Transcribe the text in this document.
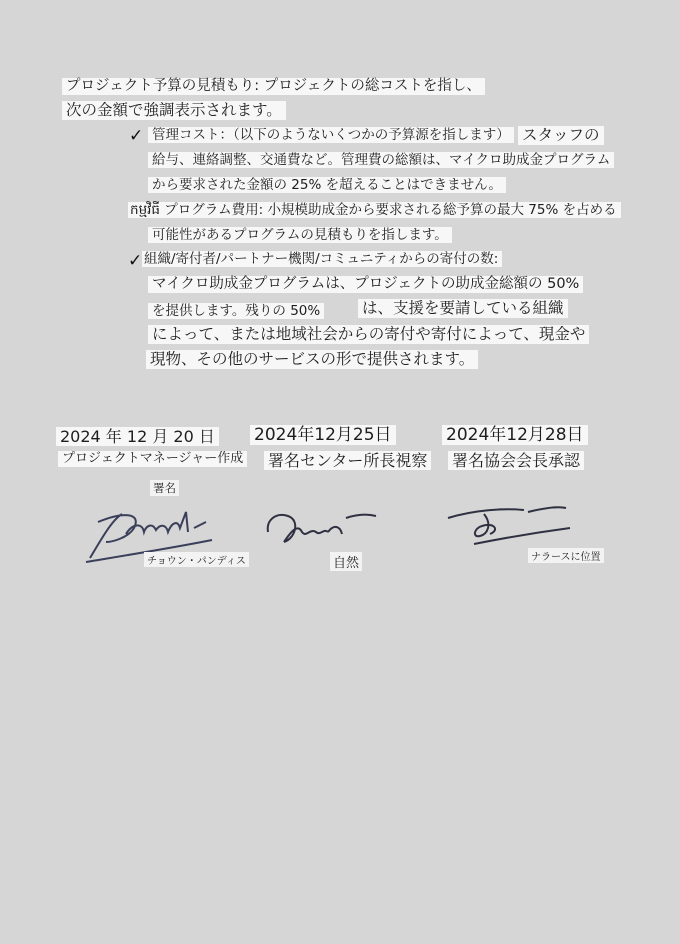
プロジェクト予算の見積もり: プロジェクトの総コストを指し、
次の金額で強調表示されます。
✓ 管理コスト：（以下のようないくつかの予算源を指します） スタッフの
給与、連絡調整、交通費など。管理費の総額は、マイクロ助成金プログラム
から要求された金額の 25% を超えることはできません。
កម្មវិធី プログラム費用: 小規模助成金から要求される総予算の最大 75% を占める
可能性があるプログラムの見積もりを指します。
✓ 組織/寄付者/パートナー機関/コミュニティからの寄付の数:
マイクロ助成金プログラムは、プロジェクトの助成金総額の 50%
を提供します。残りの 50%	は、支援を要請している組織
によって、または地域社会からの寄付や寄付によって、現金や
現物、その他のサービスの形で提供されます。
2024 年 12 月 20 日
プロジェクトマネージャー作成
署名
チョウン・パンディス
2024年12月25日
署名センター所長視察
自然
2024年12月28日
署名協会会長承認
ナラースに位置
